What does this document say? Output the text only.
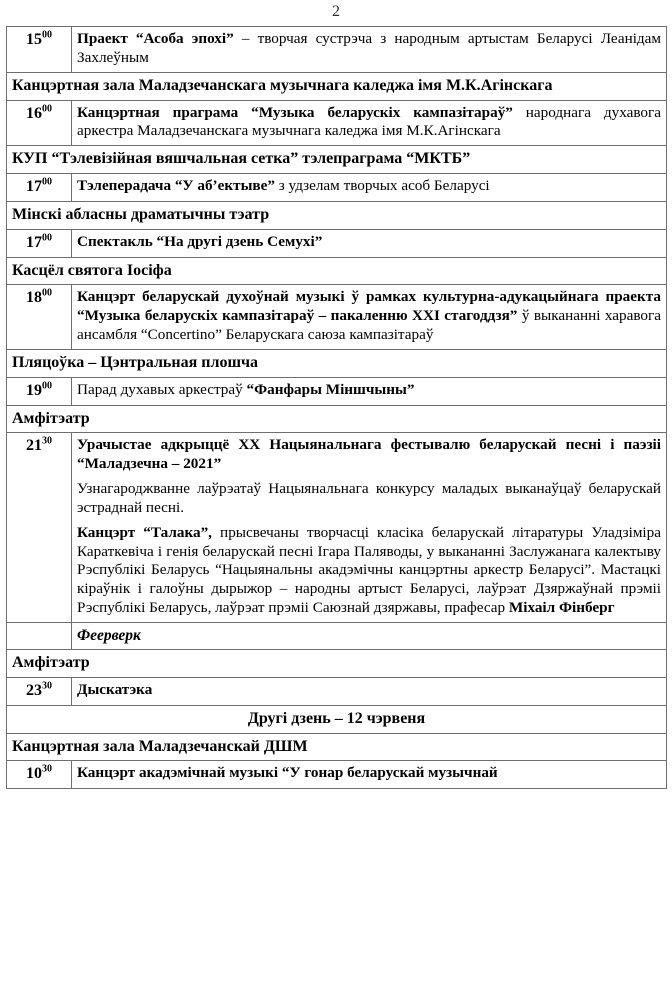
2
$15^{00}$	Праект “Асоба эпохі” – творчая сустрэча з народным артыстам Беларусі Леанідам Захлеўным

Канцэртная зала Маладзечанскага музычнага каледжа імя М.К.Агінскага	
$16^{00}$	Канцэртная праграма “Музыка беларускіх кампазітараў” народнага духавога аркестра Маладзечанскага музычнага каледжа імя М.К.Агінскага

КУП “Тэлевізійная вяшчальная сетка” тэлепраграма “МКТБ”	
$17^{00}$	Тэлеперадача “У аб’ектыве” з удзелам творчых асоб Беларусі

Мінскі абласны драматычны тэатр	
$17^{00}$	Спектакль “На другі дзень Семухі”

Касцёл святога Іосіфа	
$18^{00}$	Канцэрт беларускай духоўнай музыкі ў рамках культурна-адукацыйнага праекта “Музыка беларускіх кампазітараў – пакаленню XXI стагоддзя” ў выкананні харавога ансамбля “Concertino” Беларускага саюза кампазітараў

Пляцоўка – Цэнтральная плошча	
$19^{00}$	Парад духавых аркестраў “Фанфары Міншчыны”

Амфітэатр	
$21^{30}$	Урачыстае адкрыццё XX Нацыянальнага фестывалю беларускай песні і паэзіі “Маладзечна – 2021”

Узнагароджванне лаўрэатаў Нацыянальнага конкурсу маладых выканаўцаў беларускай эстраднай песні.

Канцэрт “Талака”, прысвечаны творчасці класіка беларускай літаратуры Уладзіміра Караткевіча і генія беларускай песні Ігара Паляводы, у выкананні Заслужанага калектыву Рэспублікі Беларусь “Нацыянальны акадэмічны канцэртны аркестр Беларусі”. Мастацкі кіраўнік і галоўны дырыжор – народны артыст Беларусі, лаўрэат Дзяржаўнай прэміі Рэспублікі Беларусь, лаўрэат прэміі Саюзнай дзяржавы, прафесар Міхаіл Фінберг

	Феерверк

Амфітэатр	
$23^{30}$	Дыскатэка

Другі дзень – 12 чэрвеня	
Канцэртная зала Маладзечанскай ДШМ	
$10^{30}$	Канцэрт акадэмічнай музыкі “У гонар беларускай музычнай
